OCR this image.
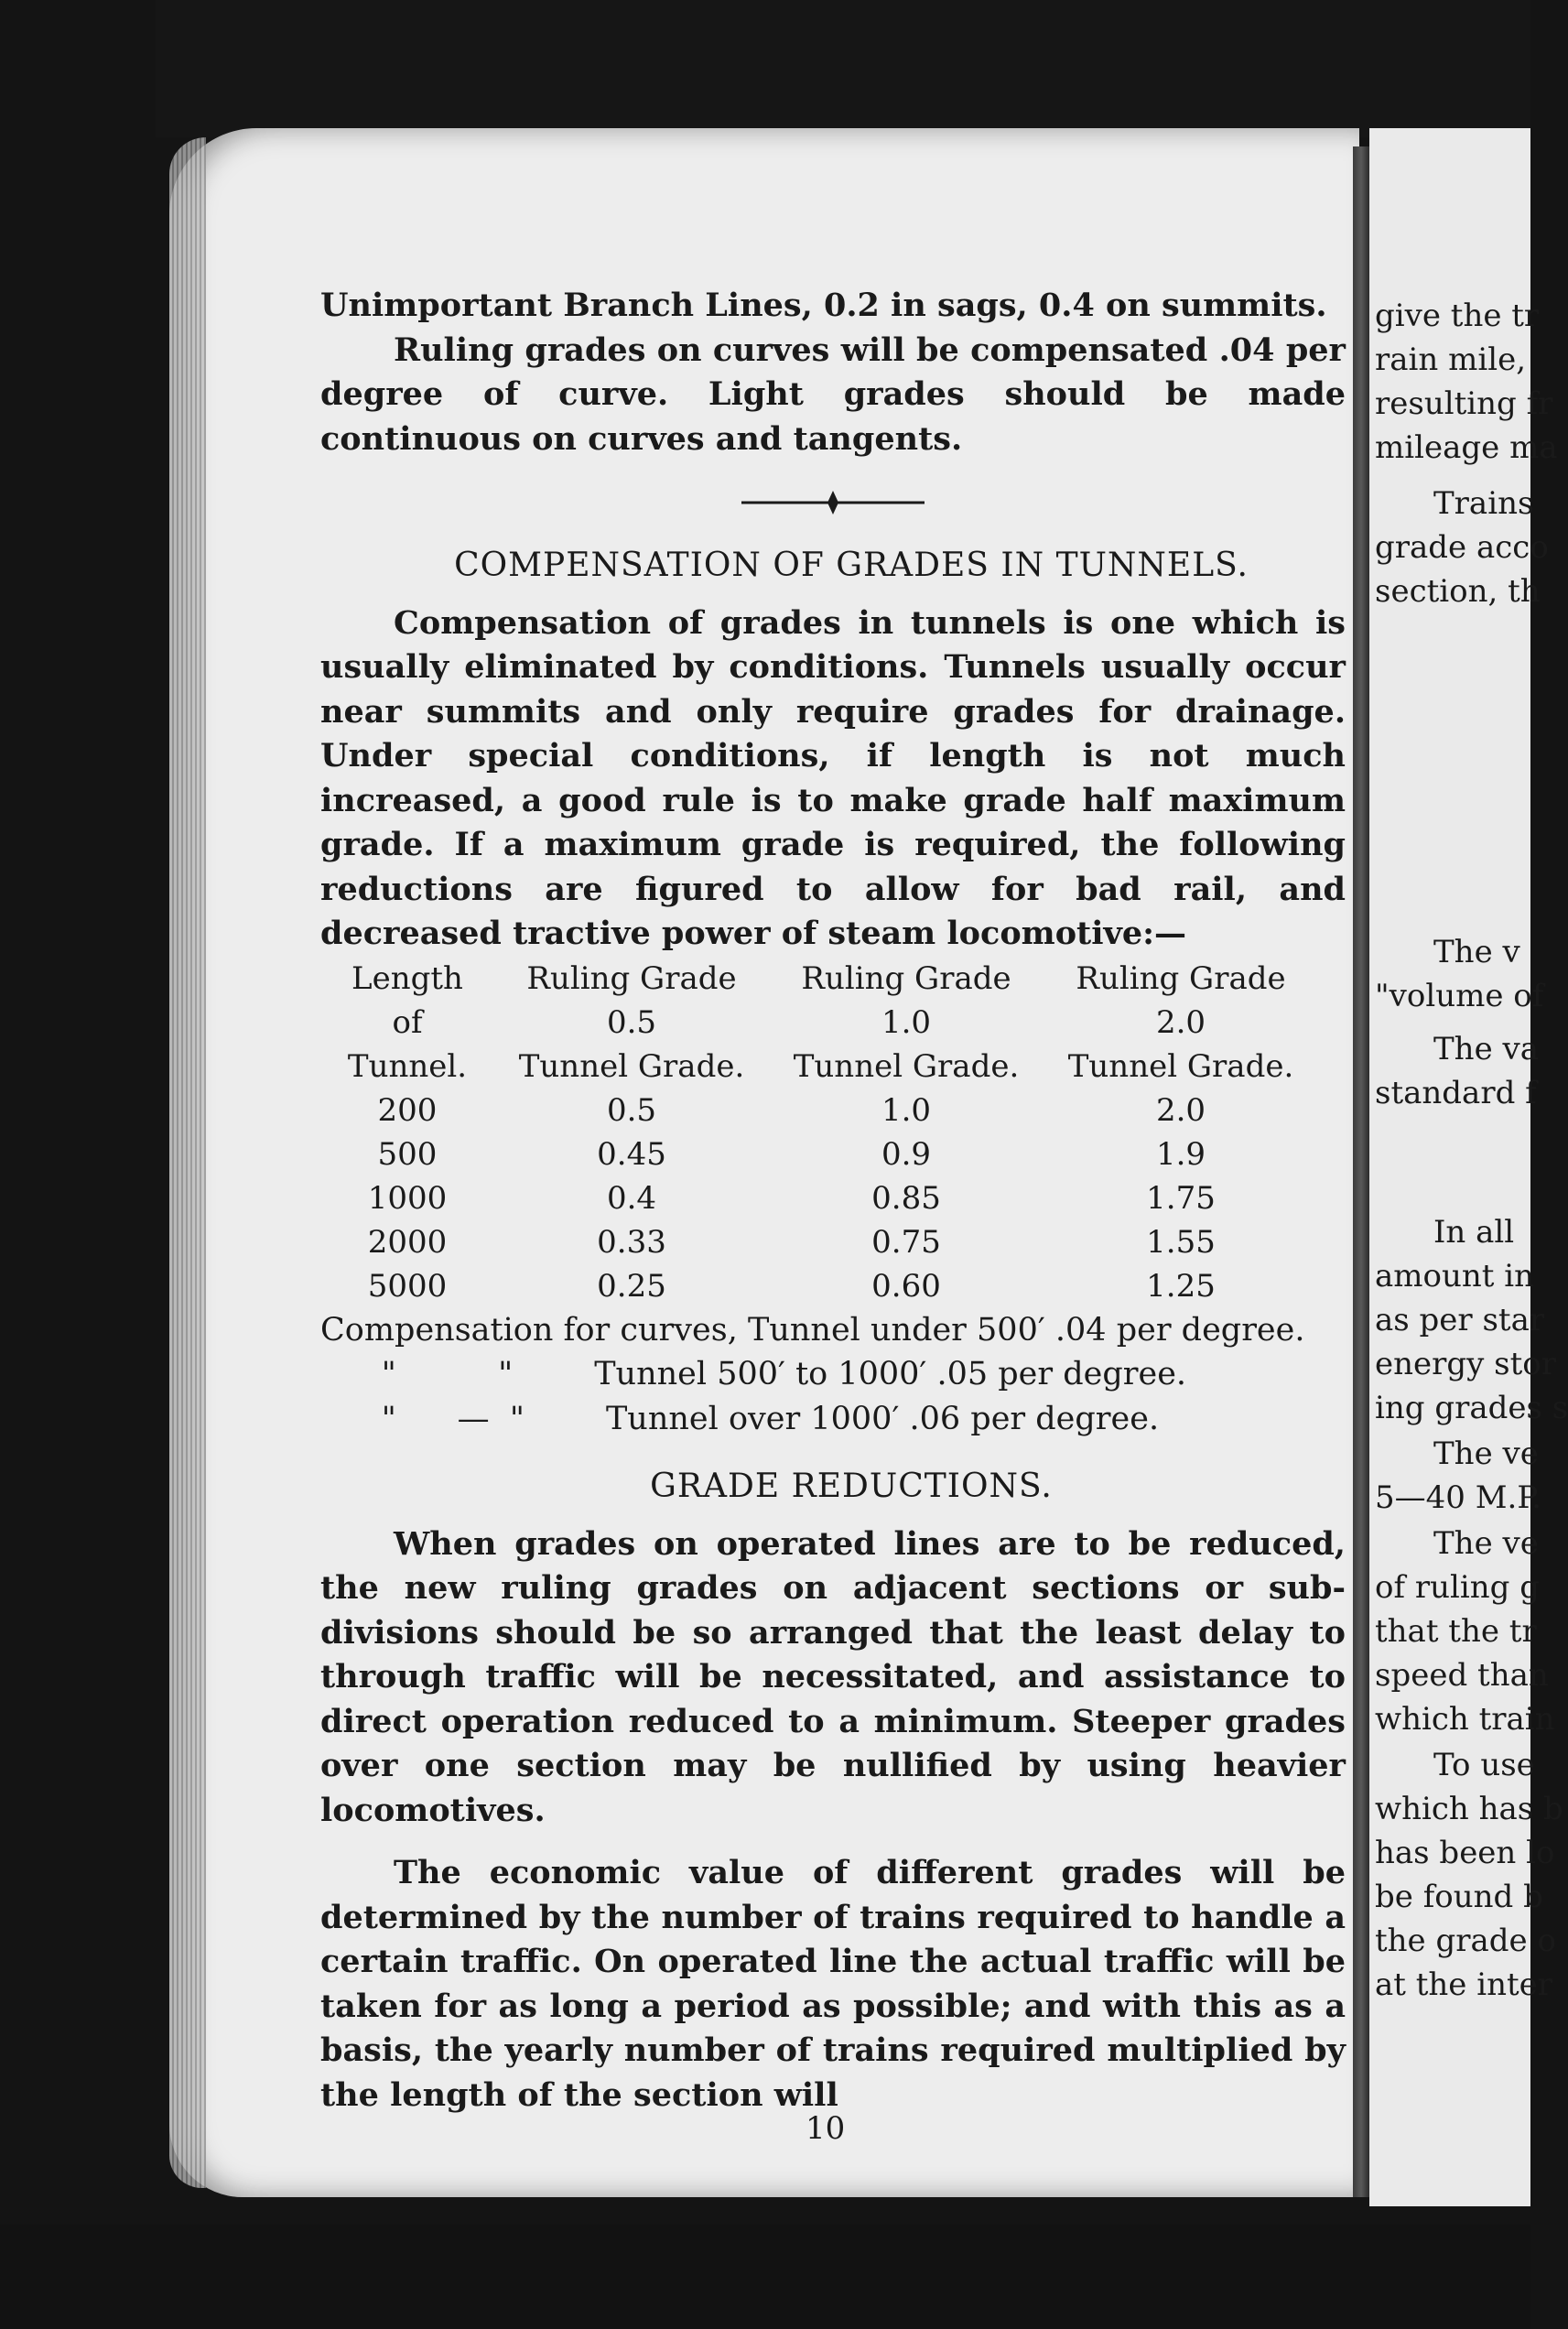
Unimportant Branch Lines, 0.2 in sags, 0.4 on summits.

Ruling grades on curves will be compensated .04 per degree of curve. Light grades should be made continuous on curves and tangents.

COMPENSATION OF GRADES IN TUNNELS.

Compensation of grades in tunnels is one which is usually eliminated by conditions. Tunnels usually occur near summits and only require grades for drainage. Under special conditions, if length is not much increased, a good rule is to make grade half maximum grade. If a maximum grade is required, the following reductions are figured to allow for bad rail, and decreased tractive power of steam locomotive:—

Length	Ruling Grade	Ruling Grade	Ruling Grade
of	0.5	1.0	2.0
Tunnel.	Tunnel Grade.	Tunnel Grade.	Tunnel Grade.
200	0.5	1.0	2.0
500	0.45	0.9	1.9
1000	0.4	0.85	1.75
2000	0.33	0.75	1.55
5000	0.25	0.60	1.25

Compensation for curves, Tunnel under 500′ .04 per degree.

"          "        Tunnel 500′ to 1000′ .05 per degree.

"      —  "        Tunnel over 1000′ .06 per degree.

GRADE REDUCTIONS.

When grades on operated lines are to be reduced, the new ruling grades on adjacent sections or sub-divisions should be so arranged that the least delay to through traffic will be necessitated, and assistance to direct operation reduced to a minimum. Steeper grades over one section may be nullified by using heavier locomotives.

The economic value of different grades will be determined by the number of trains required to handle a certain traffic. On operated line the actual traffic will be taken for as long a period as possible; and with this as a basis, the yearly number of trains required multiplied by the length of the section will

10
give the tr
rain mile,
resulting fr
mileage ma
Trains
grade acco
section, th
The v
"volume of
The va
standard f
In all
amount in
as per star
energy stor
ing grades s
The ve
5—40 M.P.
The ve
of ruling g
that the tr
speed than
which train
To use
which has b
has been lo
be found b
the grade o
at the inter
